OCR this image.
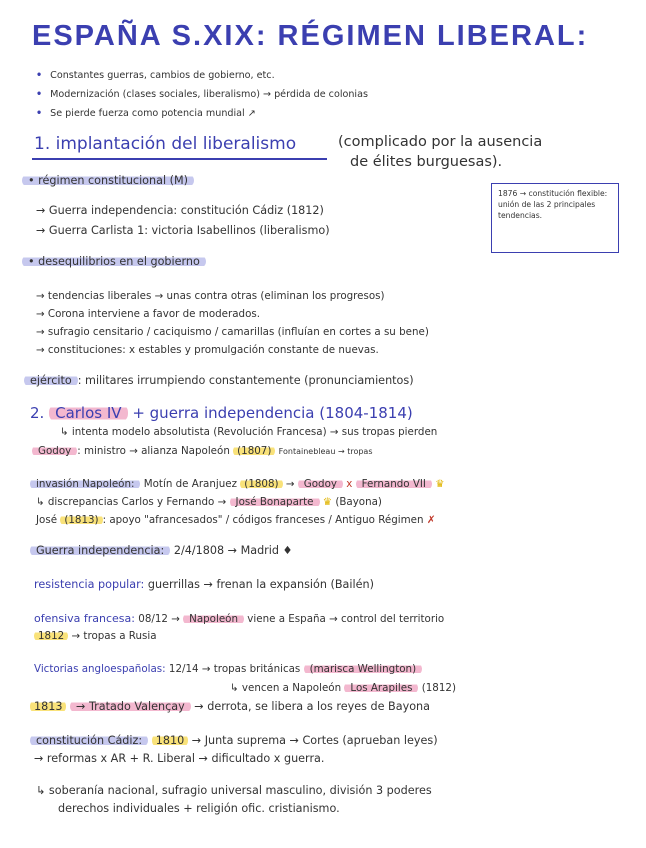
ESPAÑA S.XIX: RÉGIMEN LIBERAL:
• Constantes guerras, cambios de gobierno, etc.
• Modernización (clases sociales, liberalismo) → pérdida de colonias
• Se pierde fuerza como potencia mundial ↗
1. implantación del liberalismo	(complicado por la ausencia
de élites burguesas).
• régimen constitucional (M)
→ Guerra independencia: constitución Cádiz (1812)
→ Guerra Carlista 1: victoria Isabellinos (liberalismo)
1876 → constitución flexible: unión de las 2 principales tendencias.
• desequilibrios en el gobierno
→ tendencias liberales → unas contra otras (eliminan los progresos)
→ Corona interviene a favor de moderados.
→ sufragio censitario / caciquismo / camarillas (influían en cortes a su bene)
→ constituciones: x estables y promulgación constante de nuevas.
ejército : militares irrumpiendo constantemente (pronunciamientos)
2. Carlos IV + guerra independencia (1804-1814)
↳ intenta modelo absolutista (Revolución Francesa) → sus tropas pierden
Godoy : ministro → alianza Napoleón (1807) Fontainebleau → tropas
invasión Napoleón: Motín de Aranjuez (1808) → Godoy x Fernando VII ♛
↳ discrepancias Carlos y Fernando → José Bonaparte ♛ (Bayona)
José (1813) : apoyo "afrancesados" / códigos franceses / Antiguo Régimen ✗
Guerra independencia: 2/4/1808 → Madrid ♦
resistencia popular: guerrillas → frenan la expansión (Bailén)
ofensiva francesa: 08/12 → Napoleón viene a España → control del territorio
1812 → tropas a Rusia
Victorias angloespañolas: 12/14 → tropas británicas (marisca Wellington)
↳ vencen a Napoleón Los Arapiles (1812)
1813 → Tratado Valençay → derrota, se libera a los reyes de Bayona
constitución Cádiz: 1810 → Junta suprema → Cortes (aprueban leyes)
→ reformas x AR + R. Liberal → dificultado x guerra.
↳ soberanía nacional, sufragio universal masculino, división 3 poderes
derechos individuales + religión ofic. cristianismo.
